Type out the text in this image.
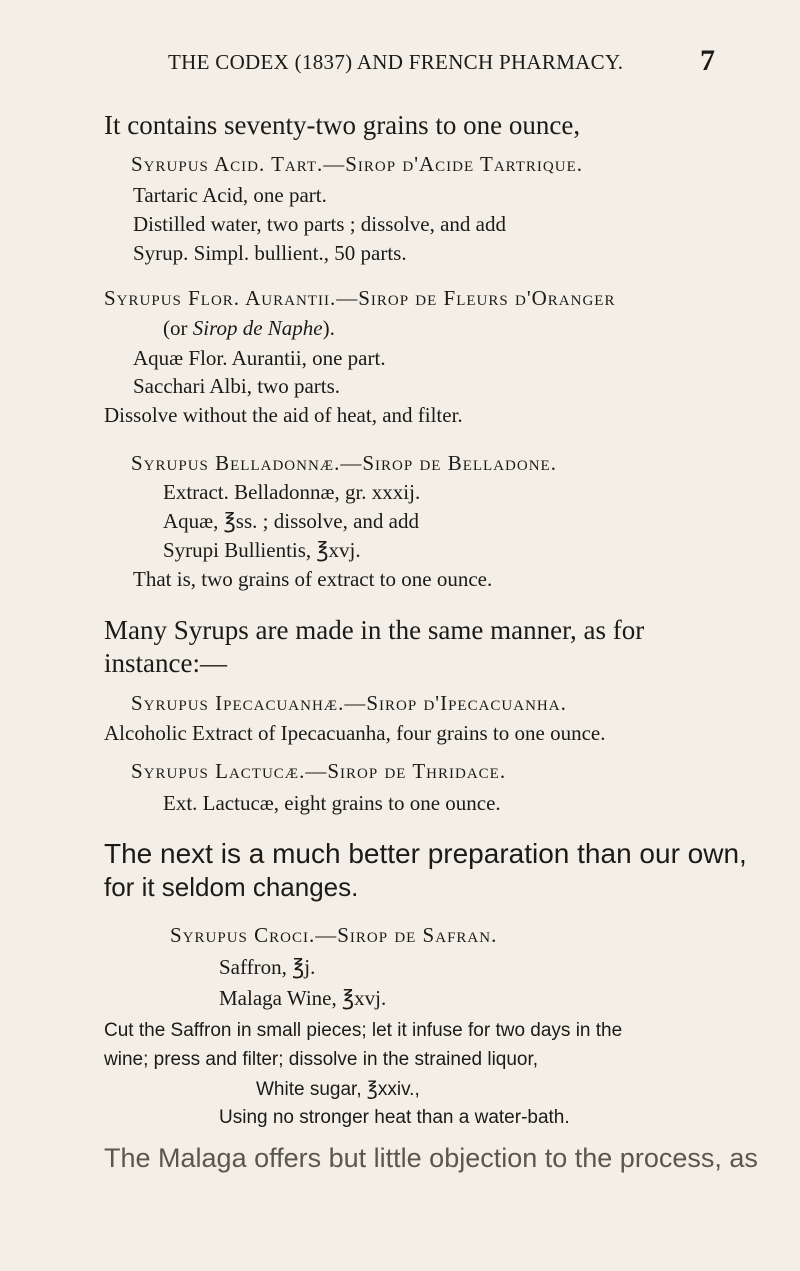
THE CODEX (1837) AND FRENCH PHARMACY.	7
It contains seventy-two grains to one ounce,
Syrupus Acid. Tart.—Sirop d'Acide Tartrique.
Tartaric Acid, one part.
Distilled water, two parts ; dissolve, and add
Syrup. Simpl. bullient., 50 parts.
Syrupus Flor. Aurantii.—Sirop de Fleurs d'Oranger
(or Sirop de Naphe).
Aquæ Flor. Aurantii, one part.
Sacchari Albi, two parts.
Dissolve without the aid of heat, and filter.
Syrupus Belladonnæ.—Sirop de Belladone.
Extract. Belladonnæ, gr. xxxij.
Aquæ, ℥ss. ; dissolve, and add
Syrupi Bullientis, ℥xvj.
That is, two grains of extract to one ounce.
Many Syrups are made in the same manner, as for
instance:—
Syrupus Ipecacuanhæ.—Sirop d'Ipecacuanha.
Alcoholic Extract of Ipecacuanha, four grains to one ounce.
Syrupus Lactucæ.—Sirop de Thridace.
Ext. Lactucæ, eight grains to one ounce.
The next is a much better preparation than our own,
for it seldom changes.
Syrupus Croci.—Sirop de Safran.
Saffron, ℥j.
Malaga Wine, ℥xvj.
Cut the Saffron in small pieces; let it infuse for two days in the
wine; press and filter; dissolve in the strained liquor,
White sugar, ℥xxiv.,
Using no stronger heat than a water-bath.
The Malaga offers but little objection to the process, as
